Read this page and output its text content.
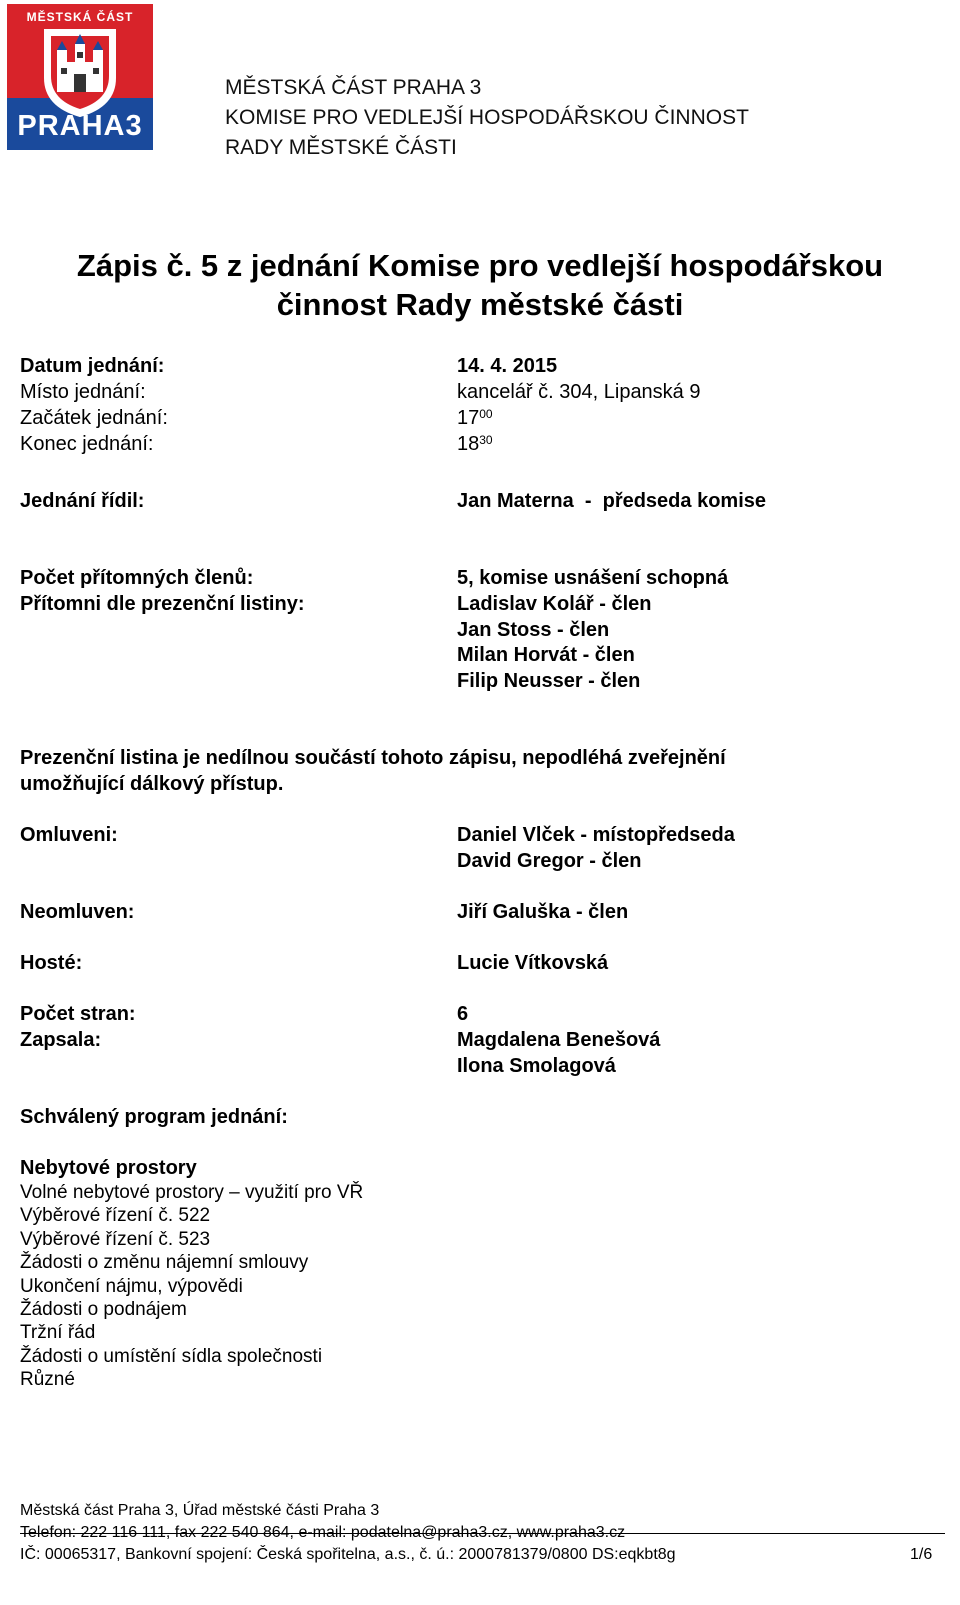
MĚSTSKÁ ČÁST
PRAHA3
MĚSTSKÁ ČÁST PRAHA 3
KOMISE PRO VEDLEJŠÍ HOSPODÁŘSKOU ČINNOST
RADY MĚSTSKÉ ČÁSTI
Zápis č. 5 z jednání Komise pro vedlejší hospodářskou
činnost Rady městské části
Datum jednání:	14. 4. 2015
Místo jednání:	kancelář č. 304, Lipanská 9
Začátek jednání:	$17^{00}$
Konec jednání:	$18^{30}$
Jednání řídil:	Jan Materna  -  předseda komise
Počet přítomných členů:	5, komise usnášení schopná
Přítomni dle prezenční listiny:	Ladislav Kolář - člen
Jan Stoss - člen
Milan Horvát - člen
Filip Neusser - člen
Prezenční listina je nedílnou součástí tohoto zápisu, nepodléhá zveřejnění
umožňující dálkový přístup.
Omluveni:	Daniel Vlček - místopředseda
David Gregor - člen
Neomluven:	Jiří Galuška - člen
Hosté:	Lucie Vítkovská
Počet stran:	6
Zapsala:	Magdalena Benešová
Ilona Smolagová
Schválený program jednání:
Nebytové prostory
Volné nebytové prostory – využití pro VŘ
Výběrové řízení č. 522
Výběrové řízení č. 523
Žádosti o změnu nájemní smlouvy
Ukončení nájmu, výpovědi
Žádosti o podnájem
Tržní řád
Žádosti o umístění sídla společnosti
Různé
Městská část Praha 3, Úřad městské části Praha 3
Telefon: 222 116 111, fax 222 540 864, e-mail: podatelna@praha3.cz, www.praha3.cz
IČ: 00065317, Bankovní spojení: Česká spořitelna, a.s., č. ú.: 2000781379/0800 DS:eqkbt8g	1/6
